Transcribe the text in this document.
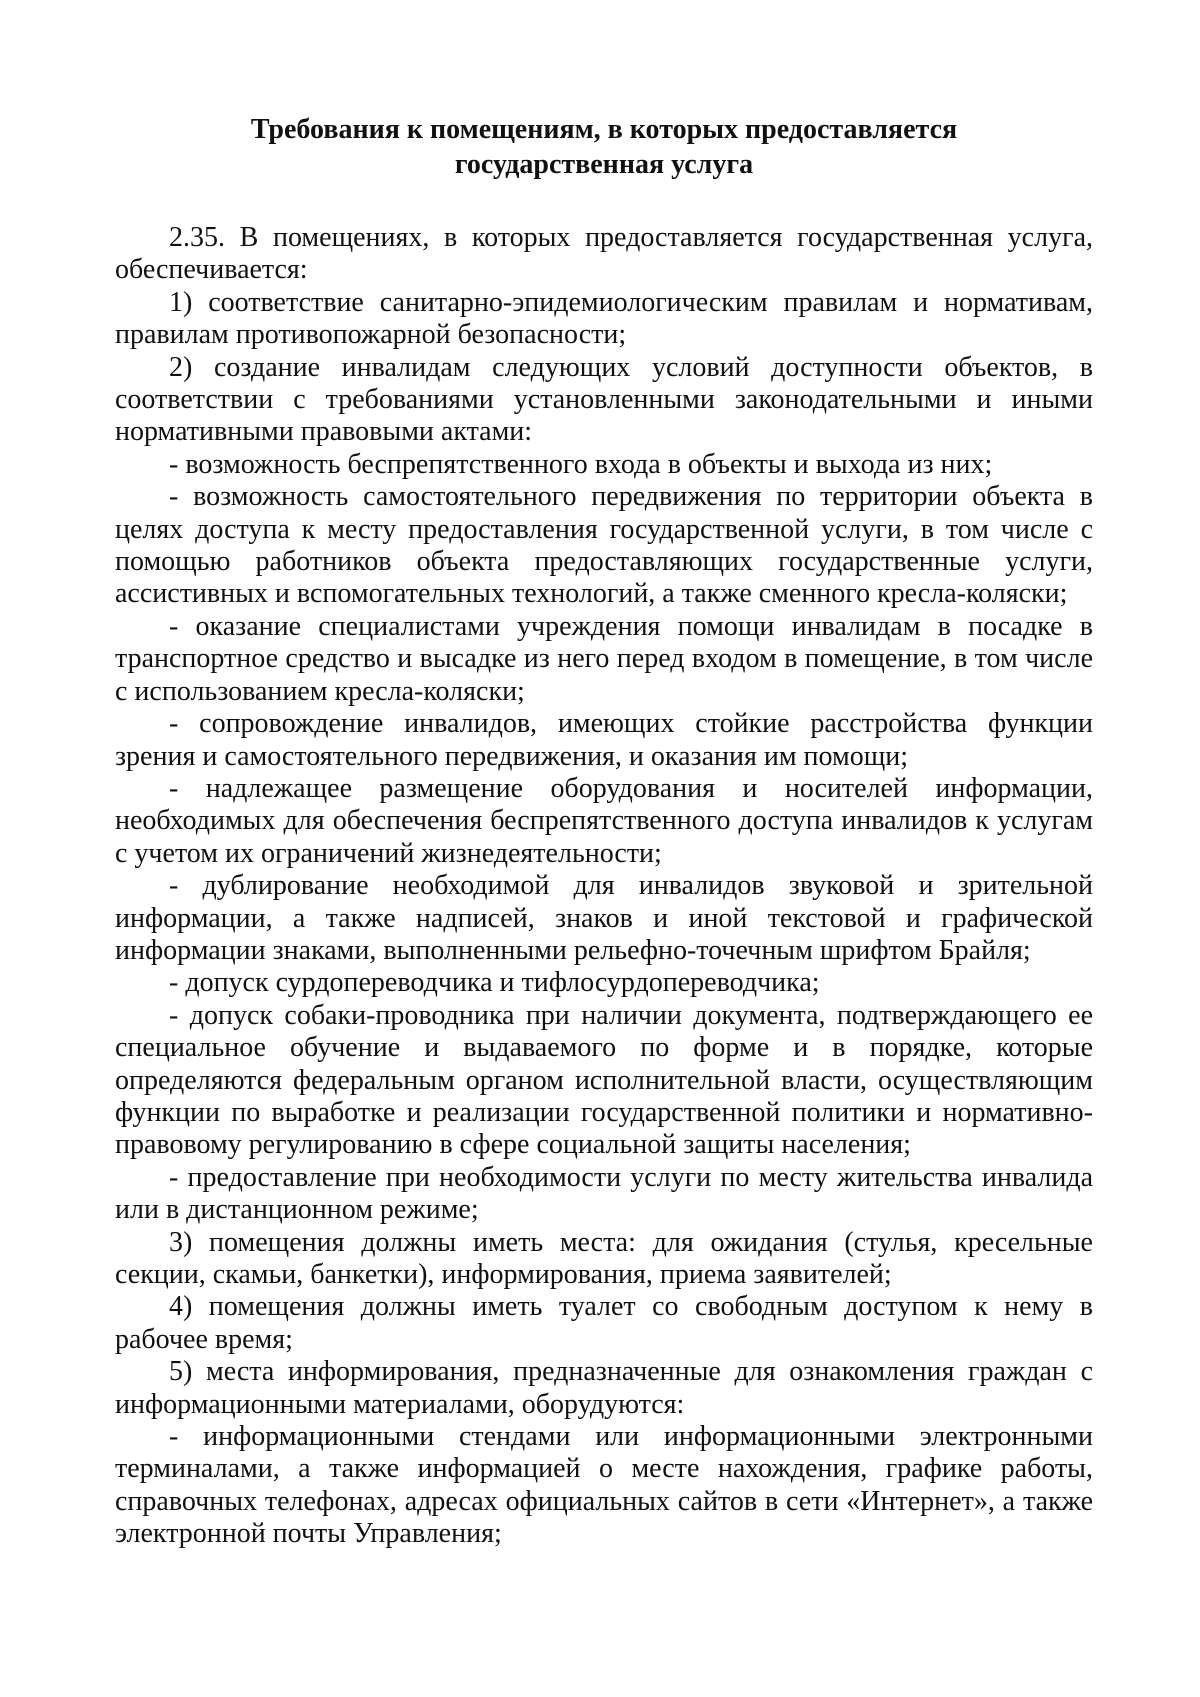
Требования к помещениям, в которых предоставляется государственная услуга

2.35. В помещениях, в которых предоставляется государственная услуга, обеспечивается:

1) соответствие санитарно-эпидемиологическим правилам и нормативам, правилам противопожарной безопасности;

2) создание инвалидам следующих условий доступности объектов, в соответствии с требованиями установленными законодательными и иными нормативными правовыми актами:

- возможность беспрепятственного входа в объекты и выхода из них;

- возможность самостоятельного передвижения по территории объекта в целях доступа к месту предоставления государственной услуги, в том числе с помощью работников объекта предоставляющих государственные услуги, ассистивных и вспомогательных технологий, а также сменного кресла-коляски;

- оказание специалистами учреждения помощи инвалидам в посадке в транспортное средство и высадке из него перед входом в помещение, в том числе с использованием кресла-коляски;

- сопровождение инвалидов, имеющих стойкие расстройства функции зрения и самостоятельного передвижения, и оказания им помощи;

- надлежащее размещение оборудования и носителей информации, необходимых для обеспечения беспрепятственного доступа инвалидов к услугам с учетом их ограничений жизнедеятельности;

- дублирование необходимой для инвалидов звуковой и зрительной информации, а также надписей, знаков и иной текстовой и графической информации знаками, выполненными рельефно-точечным шрифтом Брайля;

- допуск сурдопереводчика и тифлосурдопереводчика;

- допуск собаки-проводника при наличии документа, подтверждающего ее специальное обучение и выдаваемого по форме и в порядке, которые определяются федеральным органом исполнительной власти, осуществляющим функции по выработке и реализации государственной политики и нормативно-правовому регулированию в сфере социальной защиты населения;

- предоставление при необходимости услуги по месту жительства инвалида или в дистанционном режиме;

3) помещения должны иметь места: для ожидания (стулья, кресельные секции, скамьи, банкетки), информирования, приема заявителей;

4) помещения должны иметь туалет со свободным доступом к нему в рабочее время;

5) места информирования, предназначенные для ознакомления граждан с информационными материалами, оборудуются:

- информационными стендами или информационными электронными терминалами, а также информацией о месте нахождения, графике работы, справочных телефонах, адресах официальных сайтов в сети «Интернет», а также электронной почты Управления;
